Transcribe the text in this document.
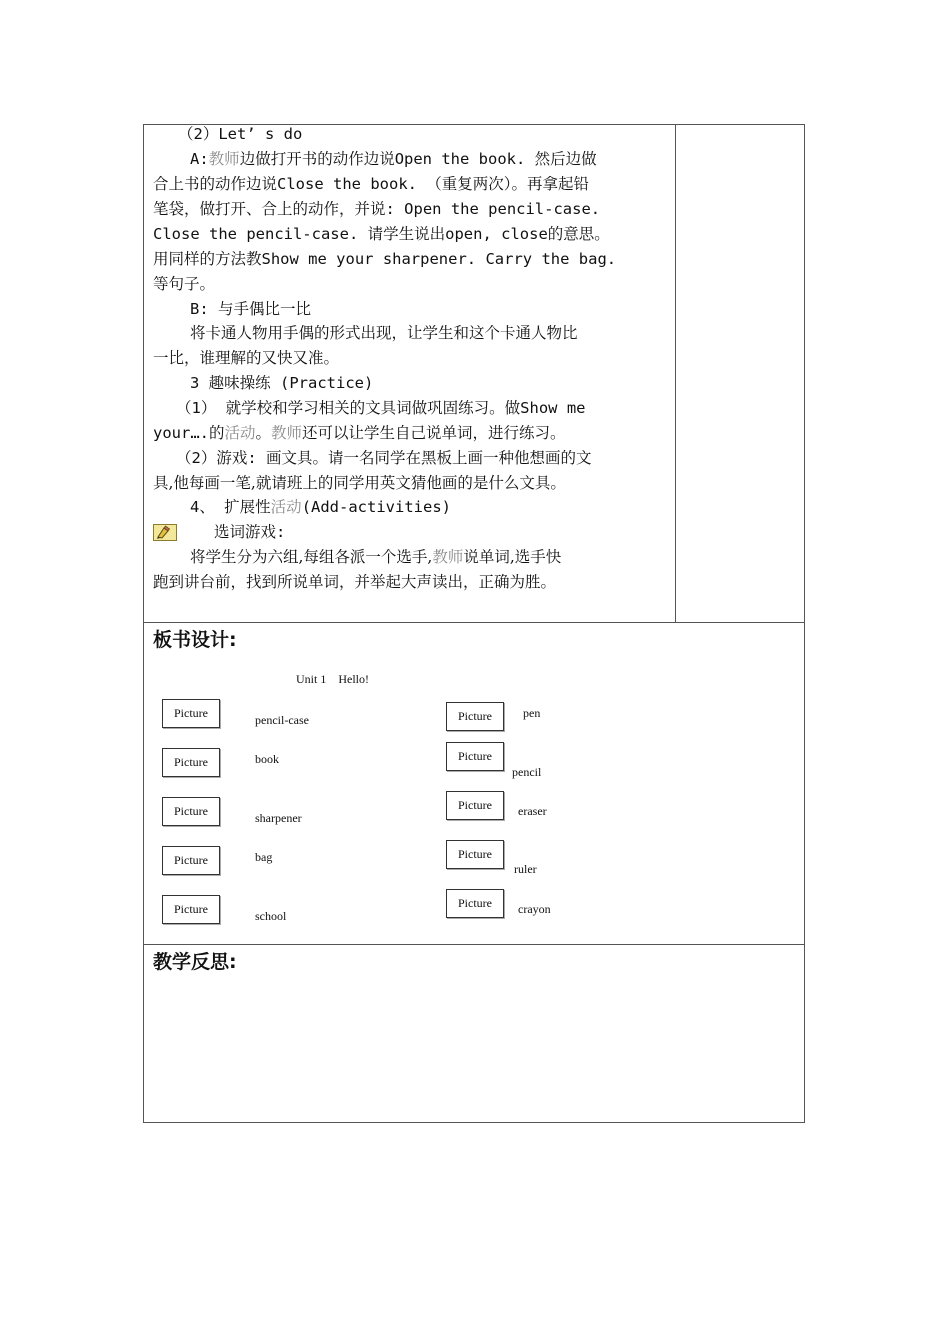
（2）Let’ s do
A:教师边做打开书的动作边说Open the book. 然后边做
合上书的动作边说Close the book. （重复两次）。再拿起铅
笔袋，做打开、合上的动作，并说: Open the pencil-case.
Close the pencil-case. 请学生说出open, close的意思。
用同样的方法教Show me your sharpener. Carry the bag.
等句子。
B: 与手偶比一比
将卡通人物用手偶的形式出现，让学生和这个卡通人物比
一比，谁理解的又快又准。
3 趣味操练 (Practice)
（1） 就学校和学习相关的文具词做巩固练习。做Show me
your….的活动。教师还可以让学生自己说单词，进行练习。
（2）游戏: 画文具。请一名同学在黑板上画一种他想画的文
具,他每画一笔,就请班上的同学用英文猜他画的是什么文具。
4、 扩展性活动(Add-activities)
选词游戏:
将学生分为六组,每组各派一个选手,教师说单词,选手快
跑到讲台前，找到所说单词，并举起大声读出，正确为胜。
板书设计:
Unit 1    Hello!
Picture
Picture
Picture
Picture
Picture
pencil-case
book
sharpener
bag
school
Picture
Picture
Picture
Picture
Picture
pen
pencil
eraser
ruler
crayon
教学反思:
